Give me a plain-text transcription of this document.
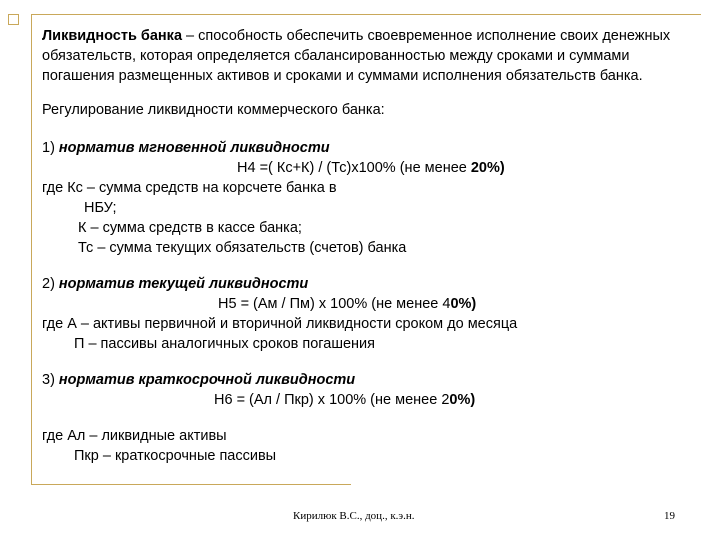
Ликвидность банка – способность обеспечить своевременное исполнение своих денежных обязательств, которая определяется сбалансированностью между сроками и суммами погашения размещенных активов и сроками и суммами исполнения обязательств банка.

Регулирование ликвидности коммерческого банка:

1) норматив мгновенной ликвидности

Н4 =( Кс+К) / (Тс)х100% (не менее 20%)

где Кс – сумма средств на корсчете банка в

НБУ;

К – сумма средств в кассе банка;

Тс – сумма текущих обязательств (счетов) банка

2) норматив текущей ликвидности

Н5 = (Ам / Пм) х 100% (не менее 40%)

где А – активы первичной и вторичной ликвидности сроком до месяца

П – пассивы аналогичных сроков погашения

3) норматив краткосрочной ликвидности

Н6 = (Ал / Пкр) х 100% (не менее 20%)

где Ал – ликвидные активы

Пкр – краткосрочные пассивы

Кирилюк В.С., доц., к.э.н.	19
